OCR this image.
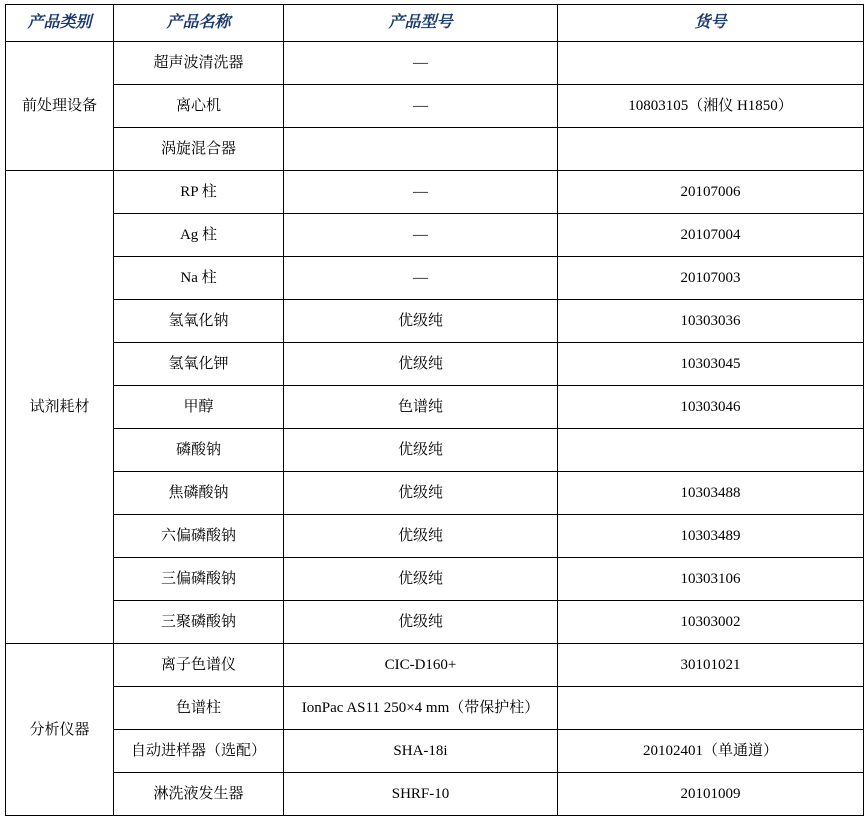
产品类别	产品名称	产品型号	货号
前处理设备	超声波清洗器	—	
	离心机	—	10803105（湘仪 H1850）
	涡旋混合器		
试剂耗材	RP 柱	—	20107006
	Ag 柱	—	20107004
	Na 柱	—	20107003
	氢氧化钠	优级纯	10303036
	氢氧化钾	优级纯	10303045
	甲醇	色谱纯	10303046
	磷酸钠	优级纯	
	焦磷酸钠	优级纯	10303488
	六偏磷酸钠	优级纯	10303489
	三偏磷酸钠	优级纯	10303106
	三聚磷酸钠	优级纯	10303002
分析仪器	离子色谱仪	CIC-D160+	30101021
	色谱柱	IonPac AS11 250×4 mm（带保护柱）	
	自动进样器（选配）	SHA-18i	20102401（单通道）
	淋洗液发生器	SHRF-10	20101009
